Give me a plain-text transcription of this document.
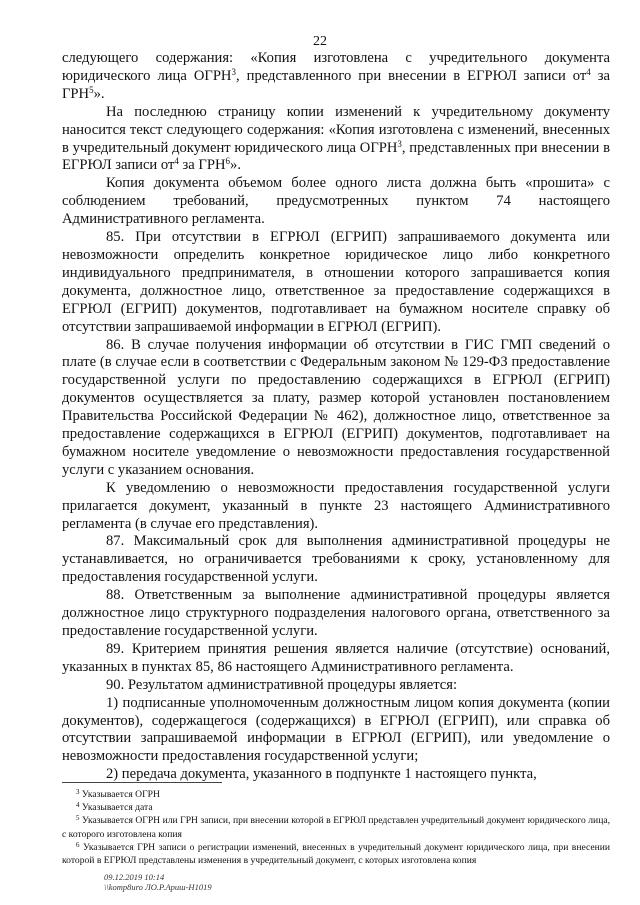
22

следующего содержания: «Копия изготовлена с учредительного документа юридического лица ОГРН$^3$, представленного при внесении в ЕГРЮЛ записи $от^4$ за ГРН$^5$».

На последнюю страницу копии изменений к учредительному документу наносится текст следующего содержания: «Копия изготовлена с изменений, внесенных в учредительный документ юридического лица ОГРН$^3$, представленных при внесении в ЕГРЮЛ записи $от^4$ за ГРН$^6$».

Копия документа объемом более одного листа должна быть «прошита» с соблюдением требований, предусмотренных пунктом 74 настоящего Административного регламента.

85. При отсутствии в ЕГРЮЛ (ЕГРИП) запрашиваемого документа или невозможности определить конкретное юридическое лицо либо конкретного индивидуального предпринимателя, в отношении которого запрашивается копия документа, должностное лицо, ответственное за предоставление содержащихся в ЕГРЮЛ (ЕГРИП) документов, подготавливает на бумажном носителе справку об отсутствии запрашиваемой информации в ЕГРЮЛ (ЕГРИП).

86. В случае получения информации об отсутствии в ГИС ГМП сведений о плате (в случае если в соответствии с Федеральным законом № 129-ФЗ предоставление государственной услуги по предоставлению содержащихся в ЕГРЮЛ (ЕГРИП) документов осуществляется за плату, размер которой установлен постановлением Правительства Российской Федерации № 462), должностное лицо, ответственное за предоставление содержащихся в ЕГРЮЛ (ЕГРИП) документов, подготавливает на бумажном носителе уведомление о невозможности предоставления государственной услуги с указанием основания.

К уведомлению о невозможности предоставления государственной услуги прилагается документ, указанный в пункте 23 настоящего Административного регламента (в случае его представления).

87. Максимальный срок для выполнения административной процедуры не устанавливается, но ограничивается требованиями к сроку, установленному для предоставления государственной услуги.

88. Ответственным за выполнение административной процедуры является должностное лицо структурного подразделения налогового органа, ответственного за предоставление государственной услуги.

89. Критерием принятия решения является наличие (отсутствие) оснований, указанных в пунктах 85, 86 настоящего Административного регламента.

90. Результатом административной процедуры является:

1) подписанные уполномоченным должностным лицом копия документа (копии документов), содержащегося (содержащихся) в ЕГРЮЛ (ЕГРИП), или справка об отсутствии запрашиваемой информации в ЕГРЮЛ (ЕГРИП), или уведомление о невозможности предоставления государственной услуги;

2) передача документа, указанного в подпункте 1 настоящего пункта,

$^3$ Указывается ОГРН

$^4$ Указывается дата

$^5$ Указывается ОГРН или ГРН записи, при внесении которой в ЕГРЮЛ представлен учредительный документ юридического лица, с которого изготовлена копия

$^6$ Указывается ГРН записи о регистрации изменений, внесенных в учредительный документ юридического лица, при внесении которой в ЕГРЮЛ представлены изменения в учредительный документ, с которых изготовлена копия

09.12.2019 10:14
\\komp8uro ЛО.Р.Ариш-Н1019
